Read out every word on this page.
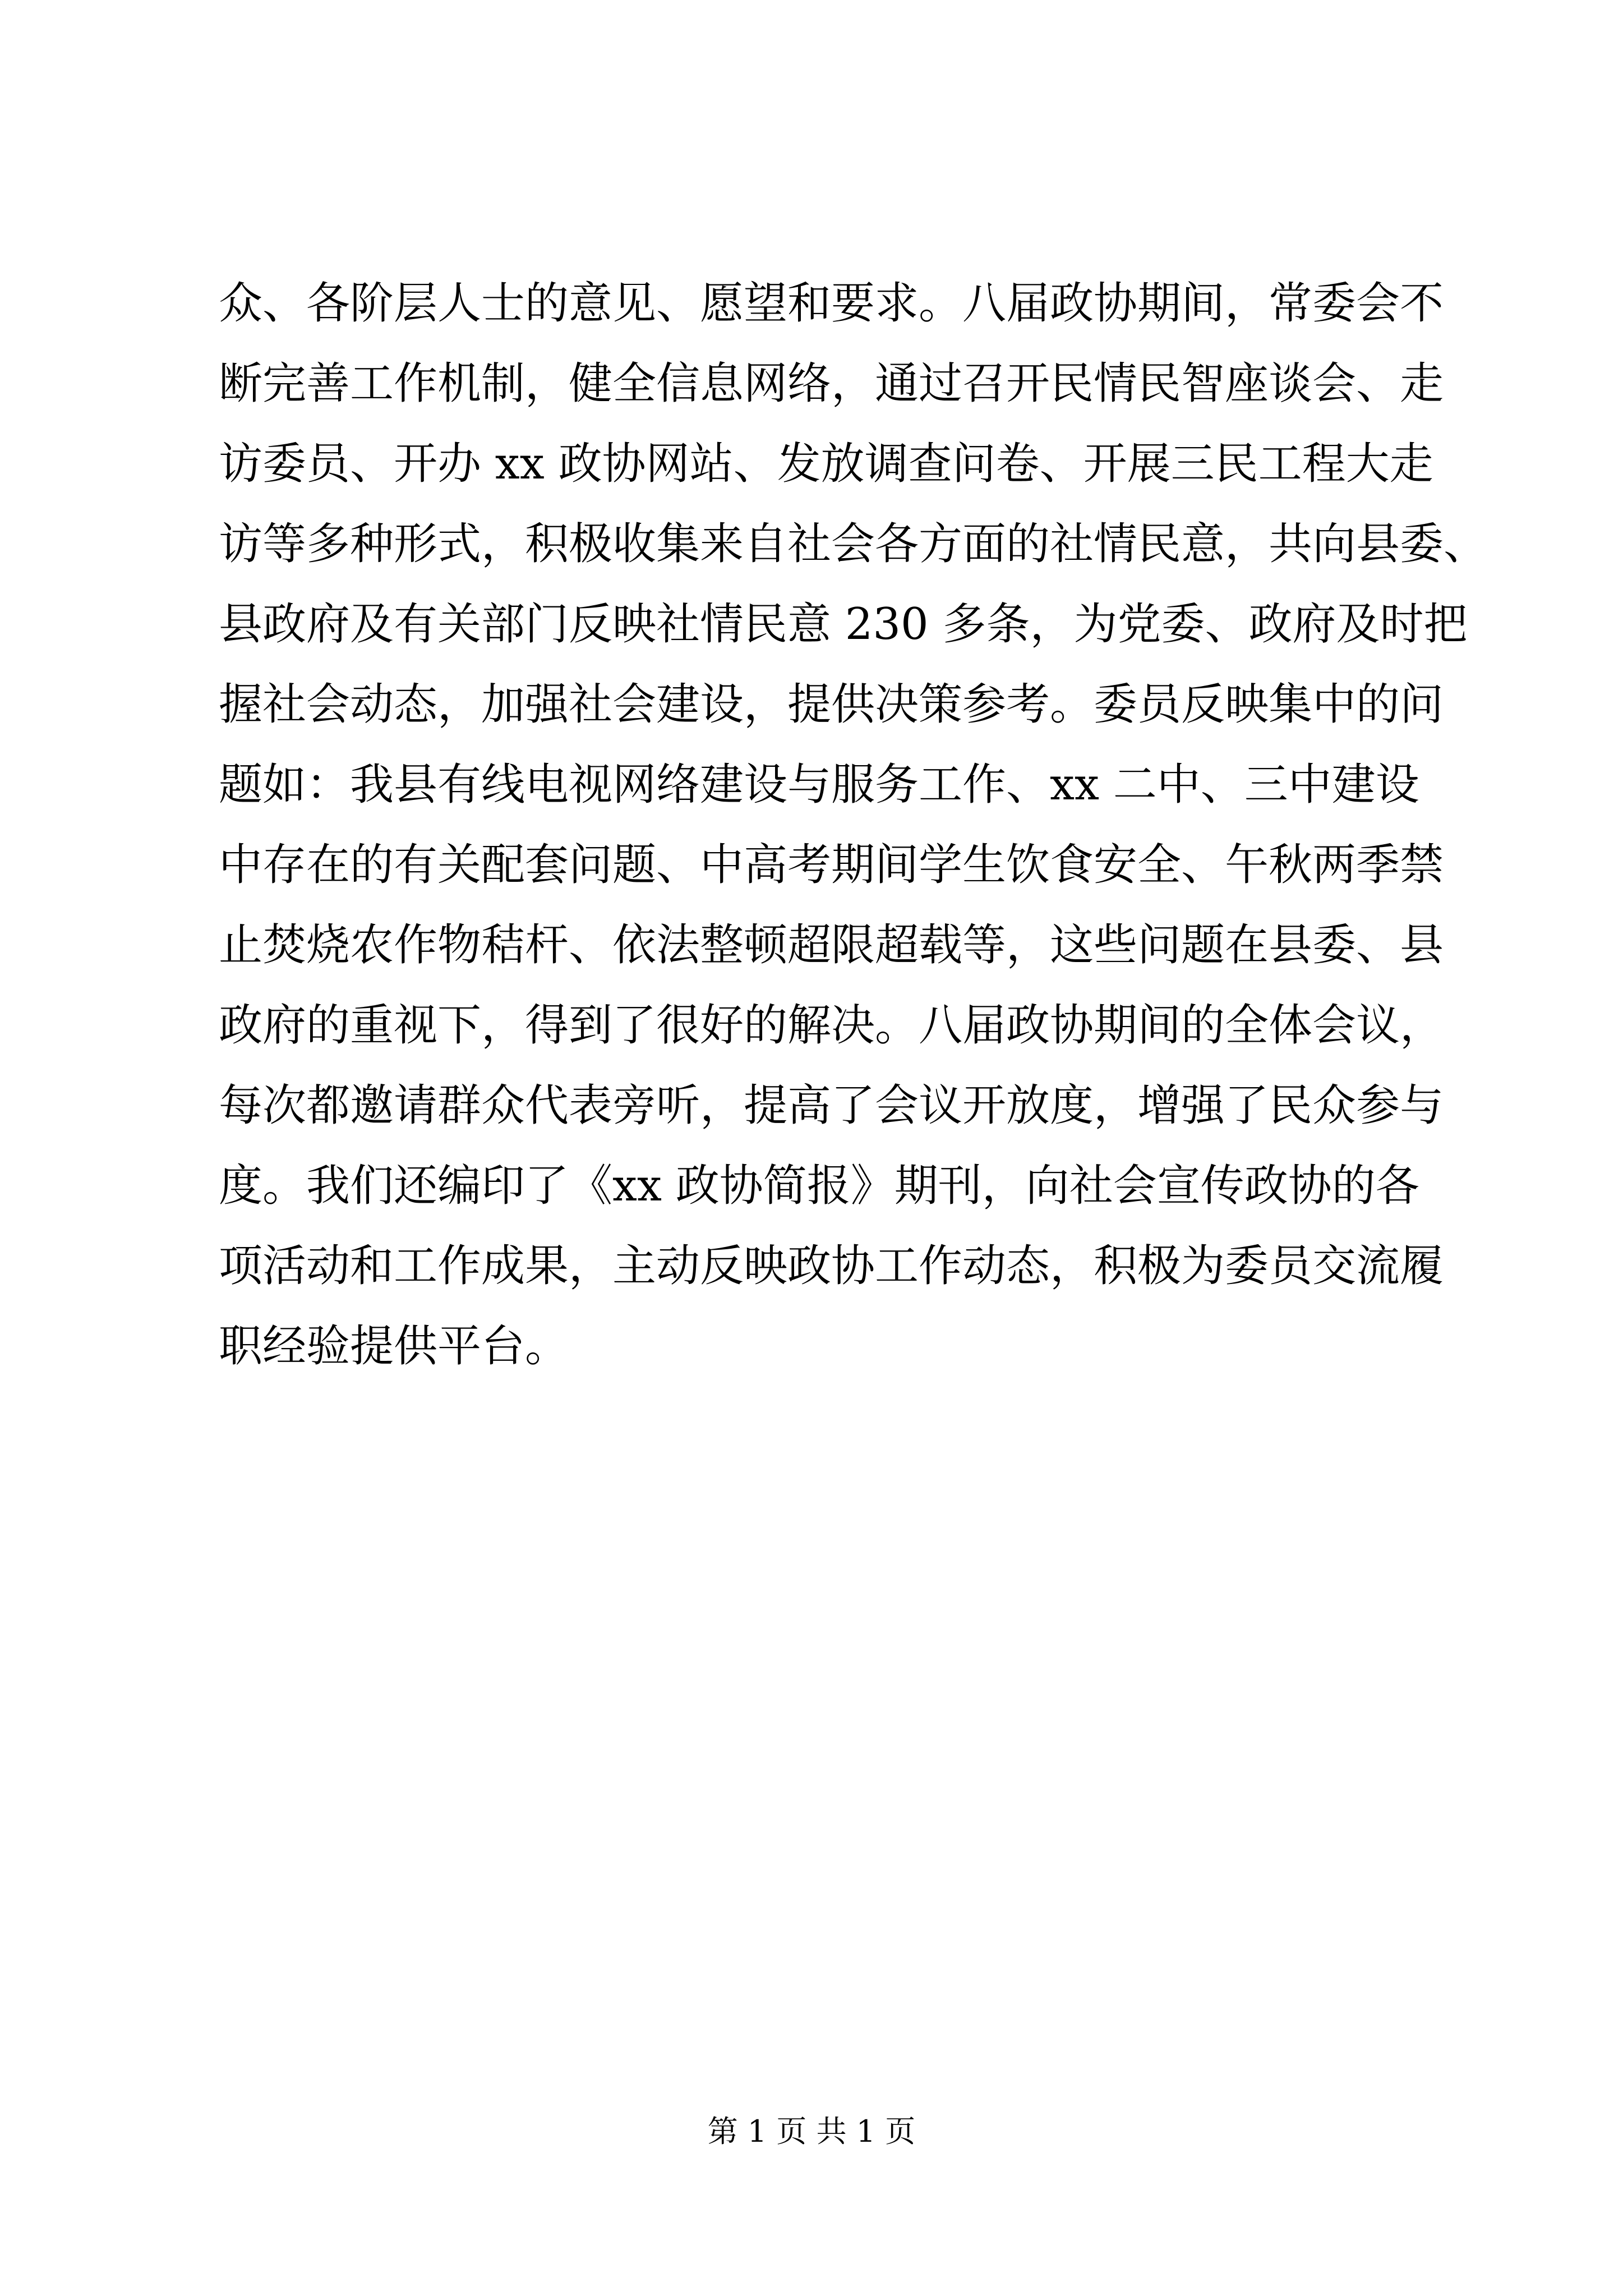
众、各阶层人士的意见、愿望和要求。八届政协期间，常委会不
断完善工作机制，健全信息网络，通过召开民情民智座谈会、走
访委员、开办 xx 政协网站、发放调查问卷、开展三民工程大走
访等多种形式，积极收集来自社会各方面的社情民意，共向县委、
县政府及有关部门反映社情民意 230 多条，为党委、政府及时把
握社会动态，加强社会建设，提供决策参考。委员反映集中的问
题如：我县有线电视网络建设与服务工作、xx 二中、三中建设
中存在的有关配套问题、中高考期间学生饮食安全、午秋两季禁
止焚烧农作物秸杆、依法整顿超限超载等，这些问题在县委、县
政府的重视下，得到了很好的解决。八届政协期间的全体会议，
每次都邀请群众代表旁听，提高了会议开放度，增强了民众参与
度。我们还编印了《xx 政协简报》期刊，向社会宣传政协的各
项活动和工作成果，主动反映政协工作动态，积极为委员交流履
职经验提供平台。
第 1 页 共 1 页
